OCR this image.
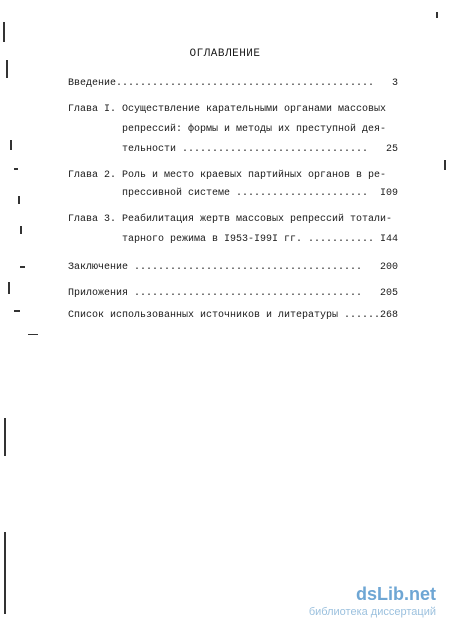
ОГЛАВЛЕНИЕ
Введение...........................................	3
Глава I. Осуществление карательными органами массовых
репрессий: формы и методы их преступной дея-
тельности ...............................	25
Глава 2. Роль и место краевых партийных органов в ре-
прессивной системе ......................	I09
Глава 3. Реабилитация жертв массовых репрессий тотали-
тарного режима в I953-I99I гг. ........... I44
Заключение ......................................	200
Приложения ......................................	205
Список использованных источников и литературы ...... 268
dsLib.net
библиотека диссертаций
